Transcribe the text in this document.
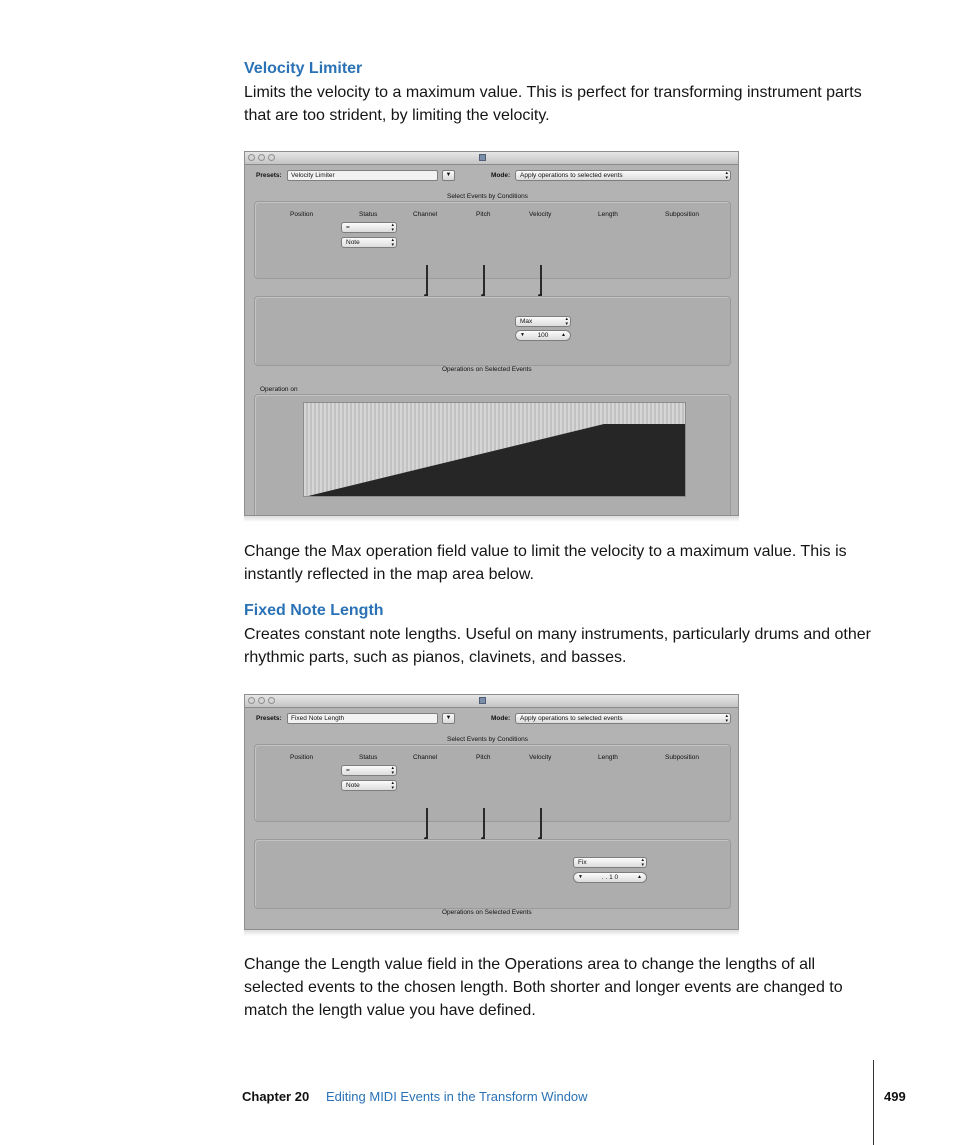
Velocity Limiter

Limits the velocity to a maximum value. This is perfect for transforming instrument parts that are too strident, by limiting the velocity.

Presets:	Velocity Limiter	▼	Mode:	Apply operations to selected events	▴
▾
Select Events by Conditions
Position	Status	Channel	Pitch	Velocity	Length	Subposition
=	▴
▾
Note	▴
▾
Max	▴
▾
▼	100	▲
Operations on Selected Events
Operation on

Change the Max operation field value to limit the velocity to a maximum value. This is instantly reflected in the map area below.

Fixed Note Length

Creates constant note lengths. Useful on many instruments, particularly drums and other rhythmic parts, such as pianos, clavinets, and basses.

Presets:	Fixed Note Length	▼	Mode:	Apply operations to selected events	▴
▾
Select Events by Conditions
Position	Status	Channel	Pitch	Velocity	Length	Subposition
=	▴
▾
Note	▴
▾
Fix	▴
▾
▼	. . 1 0	▲
Operations on Selected Events

Change the Length value field in the Operations area to change the lengths of all selected events to the chosen length. Both shorter and longer events are changed to match the length value you have defined.

Chapter 20 Editing MIDI Events in the Transform Window	499
